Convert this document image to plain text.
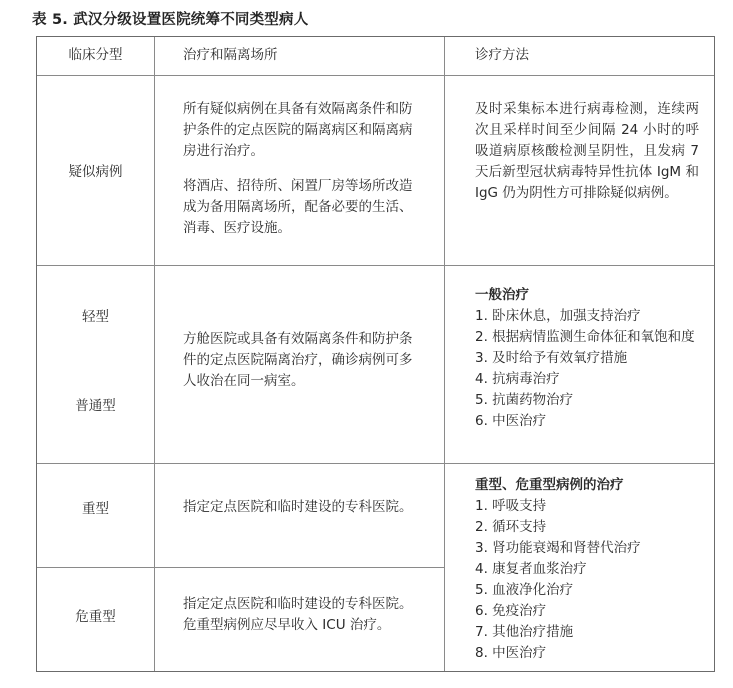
表 5. 武汉分级设置医院统筹不同类型病人
临床分型	治疗和隔离场所	诊疗方法
疑似病例

所有疑似病例在具备有效隔离条件和防护条件的定点医院的隔离病区和隔离病房进行治疗。

将酒店、招待所、闲置厂房等场所改造成为备用隔离场所，配备必要的生活、消毒、医疗设施。

及时采集标本进行病毒检测，连续两次且采样时间至少间隔 24 小时的呼吸道病原核酸检测呈阴性，且发病 7 天后新型冠状病毒特异性抗体 IgM 和 IgG 仍为阴性方可排除疑似病例。
轻型
普通型
方舱医院或具备有效隔离条件和防护条件的定点医院隔离治疗，确诊病例可多人收治在同一病室。
一般治疗
1. 卧床休息，加强支持治疗
2. 根据病情监测生命体征和氧饱和度
3. 及时给予有效氧疗措施
4. 抗病毒治疗
5. 抗菌药物治疗
6. 中医治疗
重型
危重型
指定定点医院和临时建设的专科医院。
指定定点医院和临时建设的专科医院。危重型病例应尽早收入 ICU 治疗。
重型、危重型病例的治疗
1. 呼吸支持
2. 循环支持
3. 肾功能衰竭和肾替代治疗
4. 康复者血浆治疗
5. 血液净化治疗
6. 免疫治疗
7. 其他治疗措施
8. 中医治疗
